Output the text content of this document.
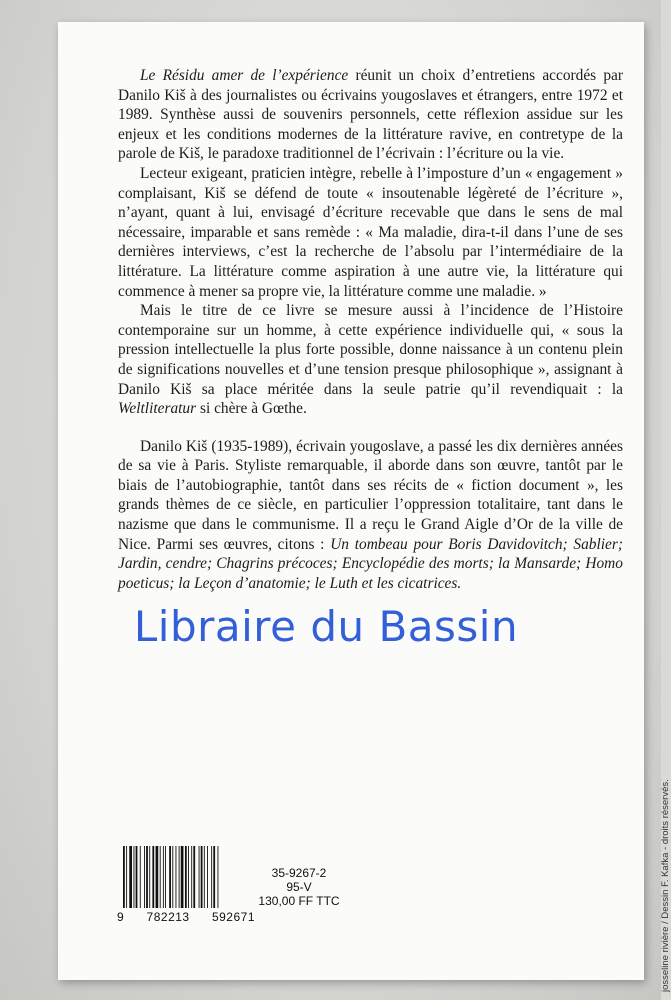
Le Résidu amer de l’expérience réunit un choix d’entretiens accordés par Danilo Kiš à des journalistes ou écrivains yougoslaves et étrangers, entre 1972 et 1989. Synthèse aussi de souvenirs personnels, cette réflexion assidue sur les enjeux et les conditions modernes de la littérature ravive, en contretype de la parole de Kiš, le paradoxe traditionnel de l’écrivain : l’écriture ou la vie.

Lecteur exigeant, praticien intègre, rebelle à l’imposture d’un « engagement » complaisant, Kiš se défend de toute « insoutenable légèreté de l’écriture », n’ayant, quant à lui, envisagé d’écriture recevable que dans le sens de mal nécessaire, imparable et sans remède : « Ma maladie, dira-t-il dans l’une de ses dernières interviews, c’est la recherche de l’absolu par l’intermédiaire de la littérature. La littérature comme aspiration à une autre vie, la littérature qui commence à mener sa propre vie, la littérature comme une maladie. »

Mais le titre de ce livre se mesure aussi à l’incidence de l’Histoire contemporaine sur un homme, à cette expérience individuelle qui, « sous la pression intellectuelle la plus forte possible, donne naissance à un contenu plein de significations nouvelles et d’une tension presque philosophique », assignant à Danilo Kiš sa place méritée dans la seule patrie qu’il revendiquait : la Weltliteratur si chère à Gœthe.

Danilo Kiš (1935-1989), écrivain yougoslave, a passé les dix dernières années de sa vie à Paris. Styliste remarquable, il aborde dans son œuvre, tantôt par le biais de l’autobiographie, tantôt dans ses récits de « fiction document », les grands thèmes de ce siècle, en particulier l’oppression totalitaire, tant dans le nazisme que dans le communisme. Il a reçu le Grand Aigle d’Or de la ville de Nice. Parmi ses œuvres, citons : Un tombeau pour Boris Davidovitch; Sablier; Jardin, cendre; Chagrins précoces; Encyclopédie des morts; la Mansarde; Homo poeticus; la Leçon d’anatomie; le Luth et les cicatrices.

josseline rivière / Dessin F. Kafka - droits réservés.
9 782213 592671
35-9267-2
95-V
130,00 FF TTC
Libraire du Bassin
